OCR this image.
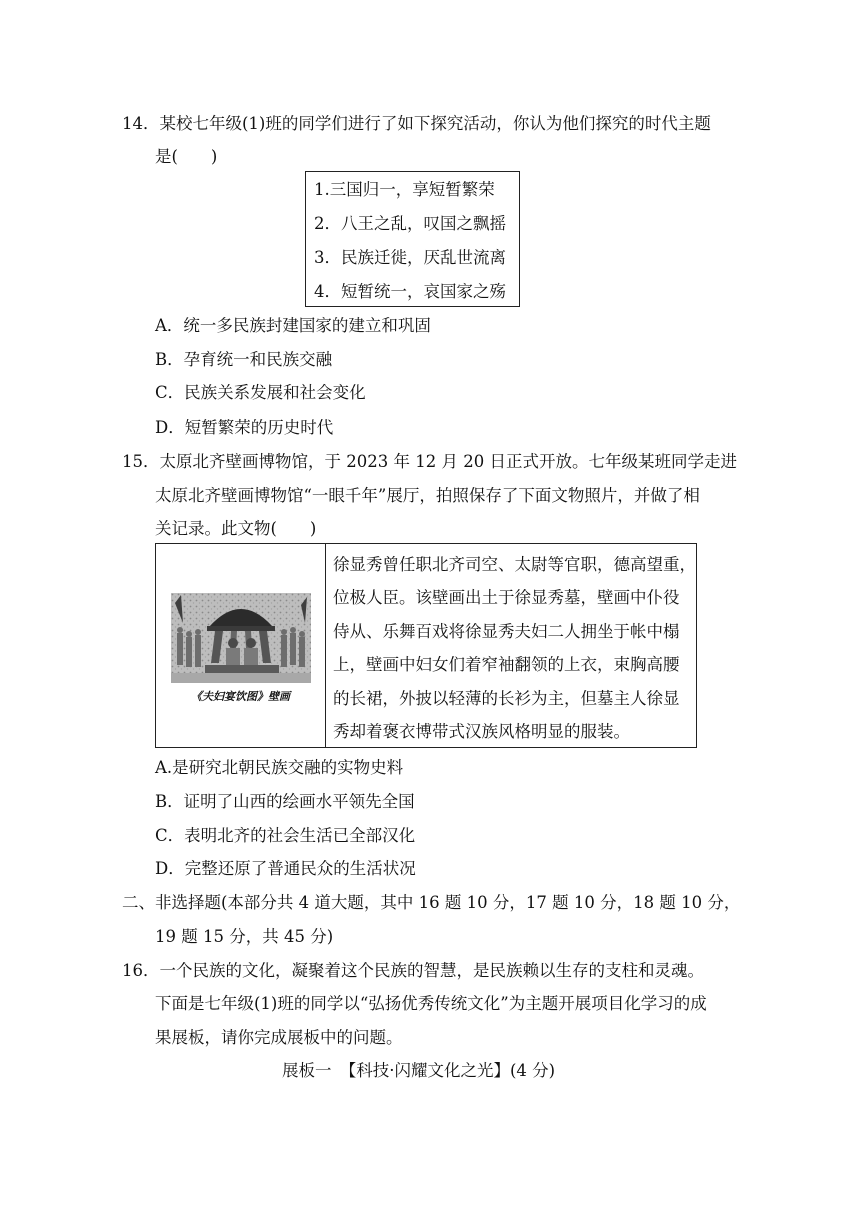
14．某校七年级(1)班的同学们进行了如下探究活动，你认为他们探究的时代主题
是(　　)
1.三国归一，享短暂繁荣
2．八王之乱，叹国之飘摇
3．民族迁徙，厌乱世流离
4．短暂统一，哀国家之殇
A．统一多民族封建国家的建立和巩固
B．孕育统一和民族交融
C．民族关系发展和社会变化
D．短暂繁荣的历史时代
15．太原北齐壁画博物馆，于 2023 年 12 月 20 日正式开放。七年级某班同学走进
太原北齐壁画博物馆“一眼千年”展厅，拍照保存了下面文物照片，并做了相
关记录。此文物(　　)
《夫妇宴饮图》壁画
徐显秀曾任职北齐司空、太尉等官职，德高望重，
位极人臣。该壁画出土于徐显秀墓，壁画中仆役
侍从、乐舞百戏将徐显秀夫妇二人拥坐于帐中榻
上，壁画中妇女们着窄袖翻领的上衣，束胸高腰
的长裙，外披以轻薄的长衫为主，但墓主人徐显
秀却着褒衣博带式汉族风格明显的服装。
A.是研究北朝民族交融的实物史料
B．证明了山西的绘画水平领先全国
C．表明北齐的社会生活已全部汉化
D．完整还原了普通民众的生活状况
二、非选择题(本部分共 4 道大题，其中 16 题 10 分，17 题 10 分，18 题 10 分，
19 题 15 分，共 45 分)
16．一个民族的文化，凝聚着这个民族的智慧，是民族赖以生存的支柱和灵魂。
下面是七年级(1)班的同学以“弘扬优秀传统文化”为主题开展项目化学习的成
果展板，请你完成展板中的问题。
展板一　【科技·闪耀文化之光】(4 分)
